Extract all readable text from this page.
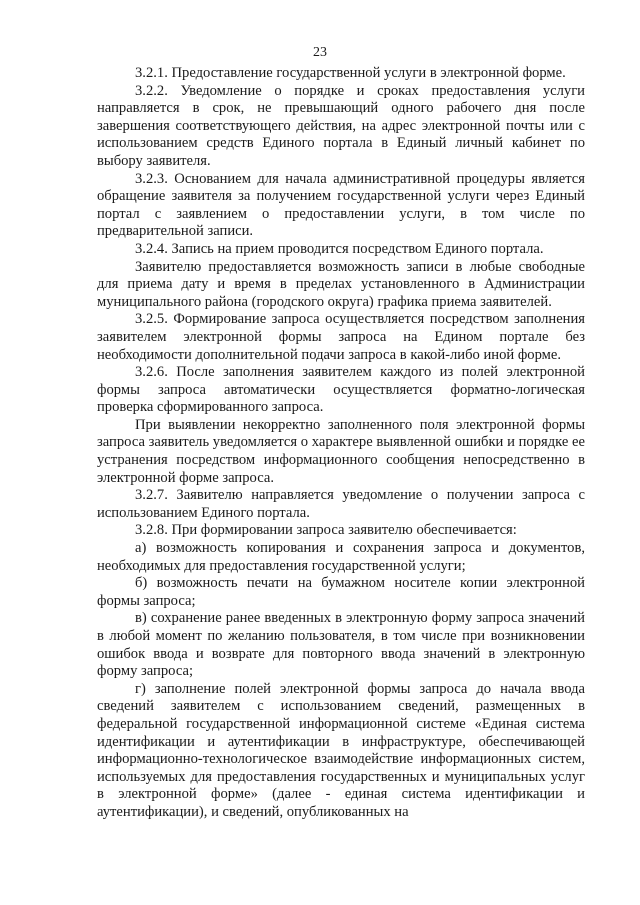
23

3.2.1. Предоставление государственной услуги в электронной форме.

3.2.2. Уведомление о порядке и сроках предоставления услуги направляется в срок, не превышающий одного рабочего дня после завершения соответствующего действия, на адрес электронной почты или с использованием средств Единого портала в Единый личный кабинет по выбору заявителя.

3.2.3. Основанием для начала административной процедуры является обращение заявителя за получением государственной услуги через Единый портал с заявлением о предоставлении услуги, в том числе по предварительной записи.

3.2.4. Запись на прием проводится посредством Единого портала.

Заявителю предоставляется возможность записи в любые свободные для приема дату и время в пределах установленного в Администрации муниципального района (городского округа) графика приема заявителей.

3.2.5. Формирование запроса осуществляется посредством заполнения заявителем электронной формы запроса на Едином портале без необходимости дополнительной подачи запроса в какой-либо иной форме.

3.2.6. После заполнения заявителем каждого из полей электронной формы запроса автоматически осуществляется форматно-логическая проверка сформированного запроса.

При выявлении некорректно заполненного поля электронной формы запроса заявитель уведомляется о характере выявленной ошибки и порядке ее устранения посредством информационного сообщения непосредственно в электронной форме запроса.

3.2.7. Заявителю направляется уведомление о получении запроса с использованием Единого портала.

3.2.8. При формировании запроса заявителю обеспечивается:

а) возможность копирования и сохранения запроса и документов, необходимых для предоставления государственной услуги;

б) возможность печати на бумажном носителе копии электронной формы запроса;

в) сохранение ранее введенных в электронную форму запроса значений в любой момент по желанию пользователя, в том числе при возникновении ошибок ввода и возврате для повторного ввода значений в электронную форму запроса;

г) заполнение полей электронной формы запроса до начала ввода сведений заявителем с использованием сведений, размещенных в федеральной государственной информационной системе «Единая система идентификации и аутентификации в инфраструктуре, обеспечивающей информационно-технологическое взаимодействие информационных систем, используемых для предоставления государственных и муниципальных услуг в электронной форме» (далее - единая система идентификации и аутентификации), и сведений, опубликованных на
